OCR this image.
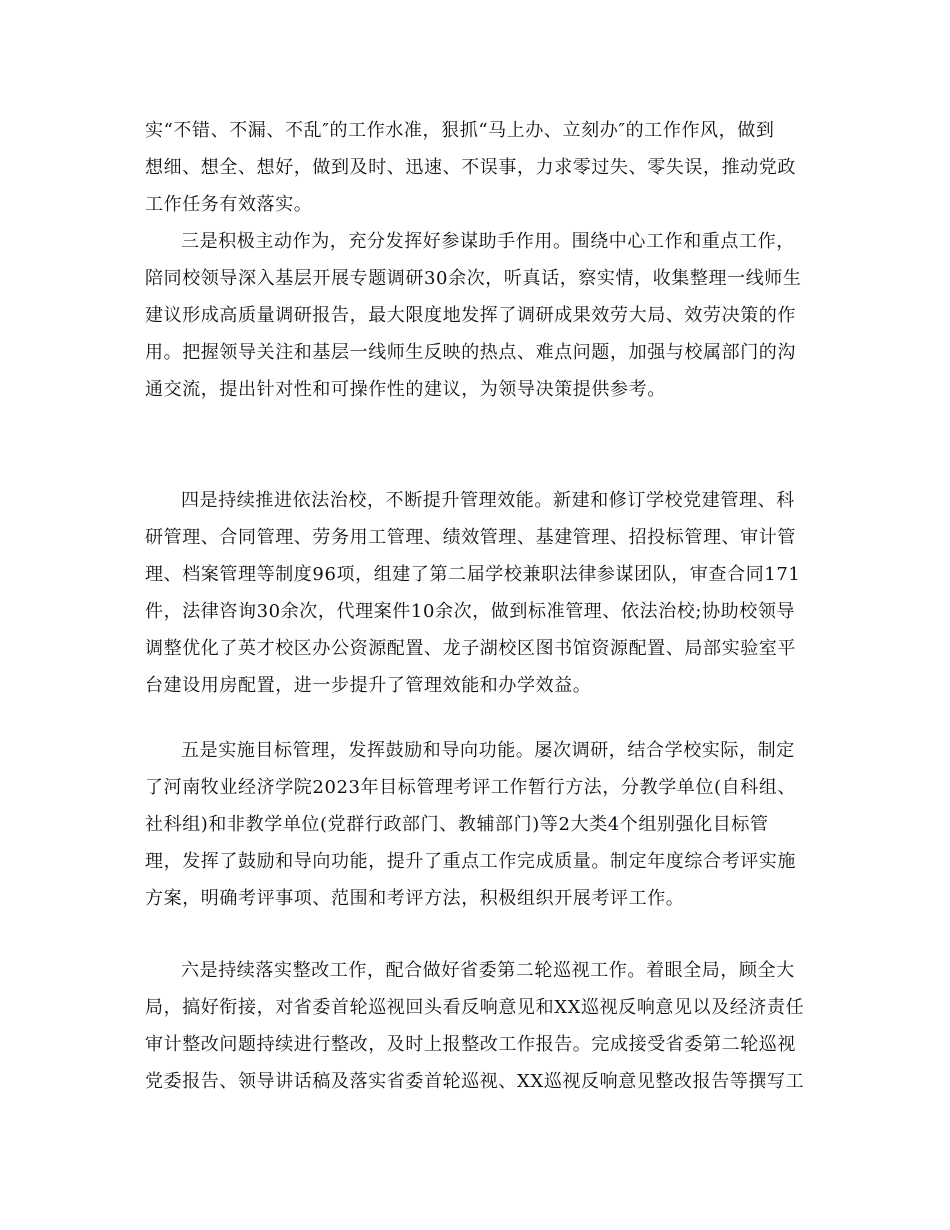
实“不错、不漏、不乱″的工作水准，狠抓“马上办、立刻办″的工作作风，做到
想细、想全、想好，做到及时、迅速、不误事，力求零过失、零失误，推动党政
工作任务有效落实。
三是积极主动作为，充分发挥好参谋助手作用。围绕中心工作和重点工作，
陪同校领导深入基层开展专题调研30余次，听真话，察实情，收集整理一线师生
建议形成高质量调研报告，最大限度地发挥了调研成果效劳大局、效劳决策的作
用。把握领导关注和基层一线师生反映的热点、难点问题，加强与校属部门的沟
通交流，提出针对性和可操作性的建议，为领导决策提供参考。
四是持续推进依法治校，不断提升管理效能。新建和修订学校党建管理、科
研管理、合同管理、劳务用工管理、绩效管理、基建管理、招投标管理、审计管
理、档案管理等制度96项，组建了第二届学校兼职法律参谋团队，审查合同171
件，法律咨询30余次，代理案件10余次，做到标准管理、依法治校;协助校领导
调整优化了英才校区办公资源配置、龙子湖校区图书馆资源配置、局部实验室平
台建设用房配置，进一步提升了管理效能和办学效益。
五是实施目标管理，发挥鼓励和导向功能。屡次调研，结合学校实际，制定
了河南牧业经济学院2023年目标管理考评工作暂行方法，分教学单位(自科组、
社科组)和非教学单位(党群行政部门、教辅部门)等2大类4个组别强化目标管
理，发挥了鼓励和导向功能，提升了重点工作完成质量。制定年度综合考评实施
方案，明确考评事项、范围和考评方法，积极组织开展考评工作。
六是持续落实整改工作，配合做好省委第二轮巡视工作。着眼全局，顾全大
局，搞好衔接，对省委首轮巡视回头看反响意见和XX巡视反响意见以及经济责任
审计整改问题持续进行整改，及时上报整改工作报告。完成接受省委第二轮巡视
党委报告、领导讲话稿及落实省委首轮巡视、XX巡视反响意见整改报告等撰写工
